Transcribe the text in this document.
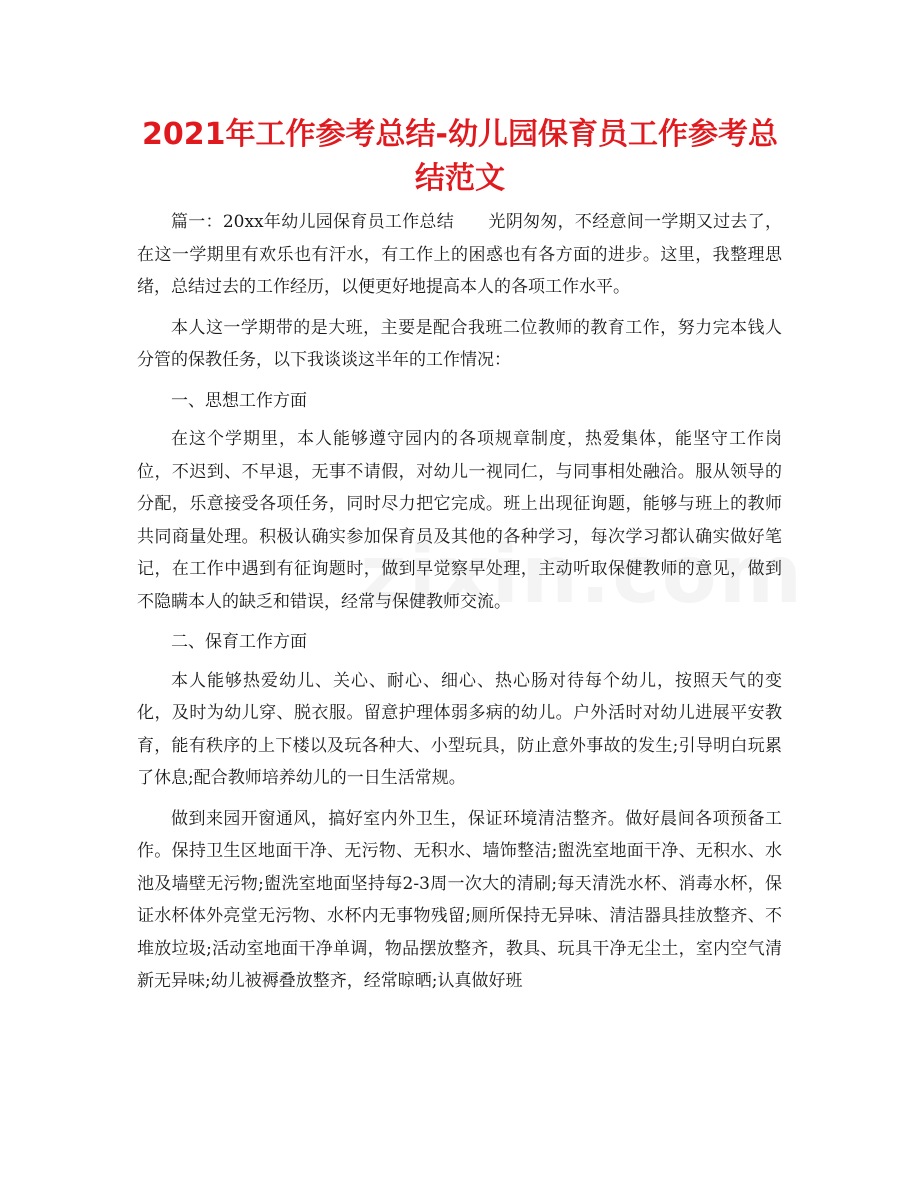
2021年工作参考总结-幼儿园保育员工作参考总结范文

篇一：20xx年幼儿园保育员工作总结　　光阴匆匆，不经意间一学期又过去了，在这一学期里有欢乐也有汗水，有工作上的困惑也有各方面的进步。这里，我整理思绪，总结过去的工作经历，以便更好地提高本人的各项工作水平。

本人这一学期带的是大班，主要是配合我班二位教师的教育工作，努力完本钱人分管的保教任务，以下我谈谈这半年的工作情况：

一、思想工作方面

在这个学期里，本人能够遵守园内的各项规章制度，热爱集体，能坚守工作岗位，不迟到、不早退，无事不请假，对幼儿一视同仁，与同事相处融洽。服从领导的分配，乐意接受各项任务，同时尽力把它完成。班上出现征询题，能够与班上的教师共同商量处理。积极认确实参加保育员及其他的各种学习，每次学习都认确实做好笔记，在工作中遇到有征询题时，做到早觉察早处理，主动听取保健教师的意见，做到不隐瞒本人的缺乏和错误，经常与保健教师交流。

二、保育工作方面

本人能够热爱幼儿、关心、耐心、细心、热心肠对待每个幼儿，按照天气的变化，及时为幼儿穿、脱衣服。留意护理体弱多病的幼儿。户外活时对幼儿进展平安教育，能有秩序的上下楼以及玩各种大、小型玩具，防止意外事故的发生;引导明白玩累了休息;配合教师培养幼儿的一日生活常规。

做到来园开窗通风，搞好室内外卫生，保证环境清洁整齐。做好晨间各项预备工作。保持卫生区地面干净、无污物、无积水、墙饰整洁;盥洗室地面干净、无积水、水池及墙壁无污物;盥洗室地面坚持每2-3周一次大的清刷;每天清洗水杯、消毒水杯，保证水杯体外亮堂无污物、水杯内无事物残留;厕所保持无异味、清洁器具挂放整齐、不堆放垃圾;活动室地面干净单调，物品摆放整齐，教具、玩具干净无尘土，室内空气清新无异味;幼儿被褥叠放整齐，经常晾晒;认真做好班
